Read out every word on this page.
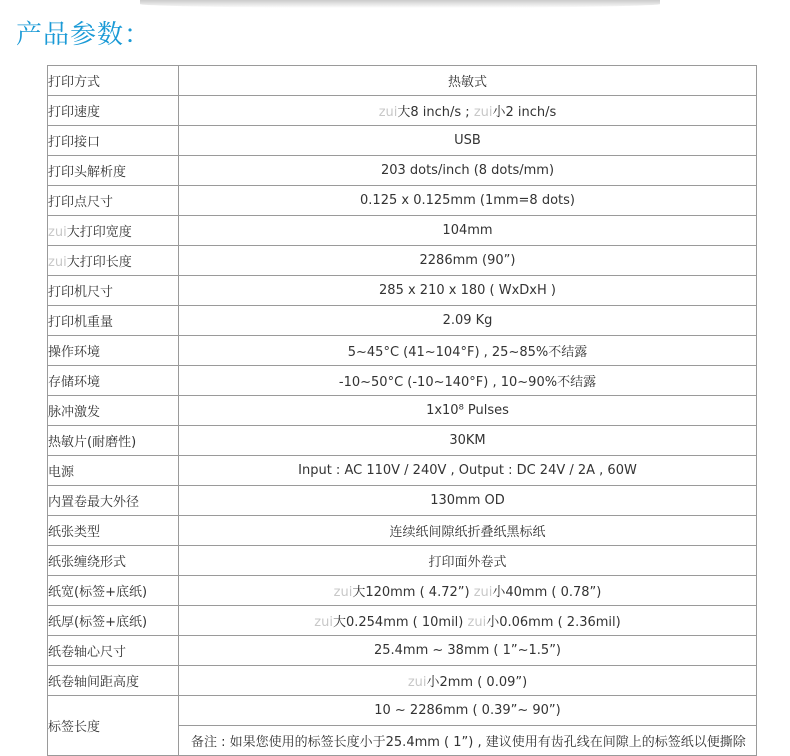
产品参数：
打印方式	热敏式
打印速度	zui大8 inch/s ; zui小2 inch/s
打印接口	USB
打印头解析度	203 dots/inch (8 dots/mm)
打印点尺寸	0.125 x 0.125mm (1mm=8 dots)
zui大打印宽度	104mm
zui大打印长度	2286mm (90”)
打印机尺寸	285 x 210 x 180 ( WxDxH )
打印机重量	2.09 Kg
操作环境	5~45°C (41~104°F) , 25~85%不结露
存储环境	-10~50°C (-10~140°F) , 10~90%不结露
脉冲激发	1x10⁸ Pulses
热敏片(耐磨性)	30KM
电源	Input : AC 110V / 240V , Output : DC 24V / 2A , 60W
内置卷最大外径	130mm OD
纸张类型	连续纸间隙纸折叠纸黑标纸
纸张缠绕形式	打印面外卷式
纸宽(标签+底纸)	zui大120mm ( 4.72”) zui小40mm ( 0.78”)
纸厚(标签+底纸)	zui大0.254mm ( 10mil) zui小0.06mm ( 2.36mil)
纸卷轴心尺寸	25.4mm ~ 38mm ( 1”~1.5”)
纸卷轴间距高度	zui小2mm ( 0.09”)
标签长度	10 ~ 2286mm ( 0.39”~ 90”)
	备注 : 如果您使用的标签长度小于25.4mm ( 1”) , 建议使用有齿孔线在间隙上的标签纸以便撕除
